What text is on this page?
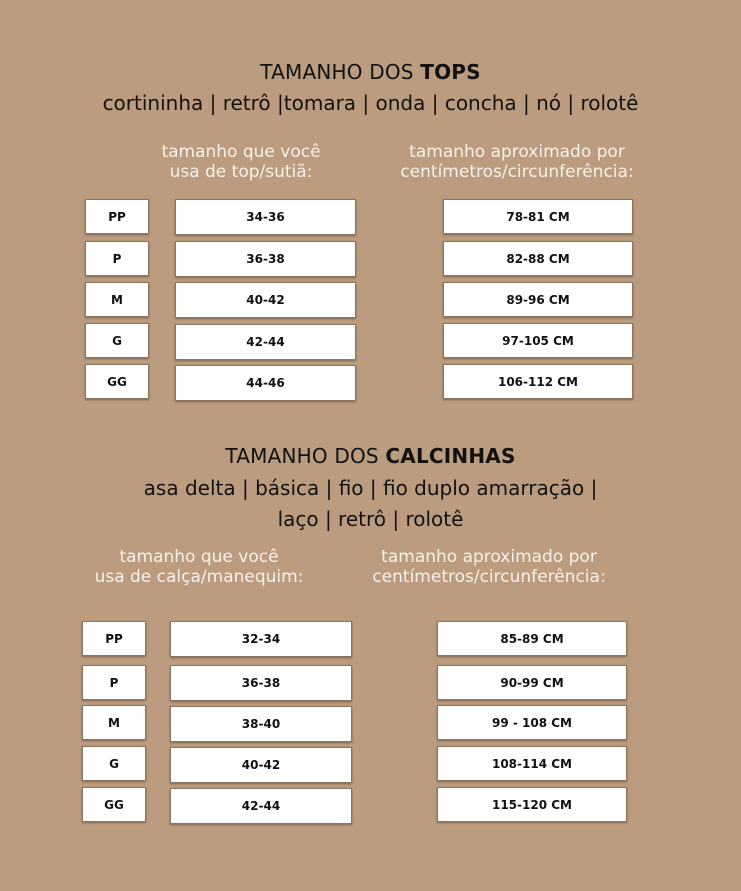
TAMANHO DOS TOPS
cortininha | retrô |tomara | onda | concha | nó | rolotê
tamanho que você
usa de top/sutiã:
tamanho aproximado por
centímetros/circunferência:
PP	34-36	78-81 CM
P	36-38	82-88 CM
M	40-42	89-96 CM
G	42-44	97-105 CM
GG	44-46	106-112 CM
TAMANHO DOS CALCINHAS
asa delta | básica | fio | fio duplo amarração |
laço | retrô | rolotê
tamanho que você
usa de calça/manequim:
tamanho aproximado por
centímetros/circunferência:
PP	32-34	85-89 CM
P	36-38	90-99 CM
M	38-40	99 - 108 CM
G	40-42	108-114 CM
GG	42-44	115-120 CM
